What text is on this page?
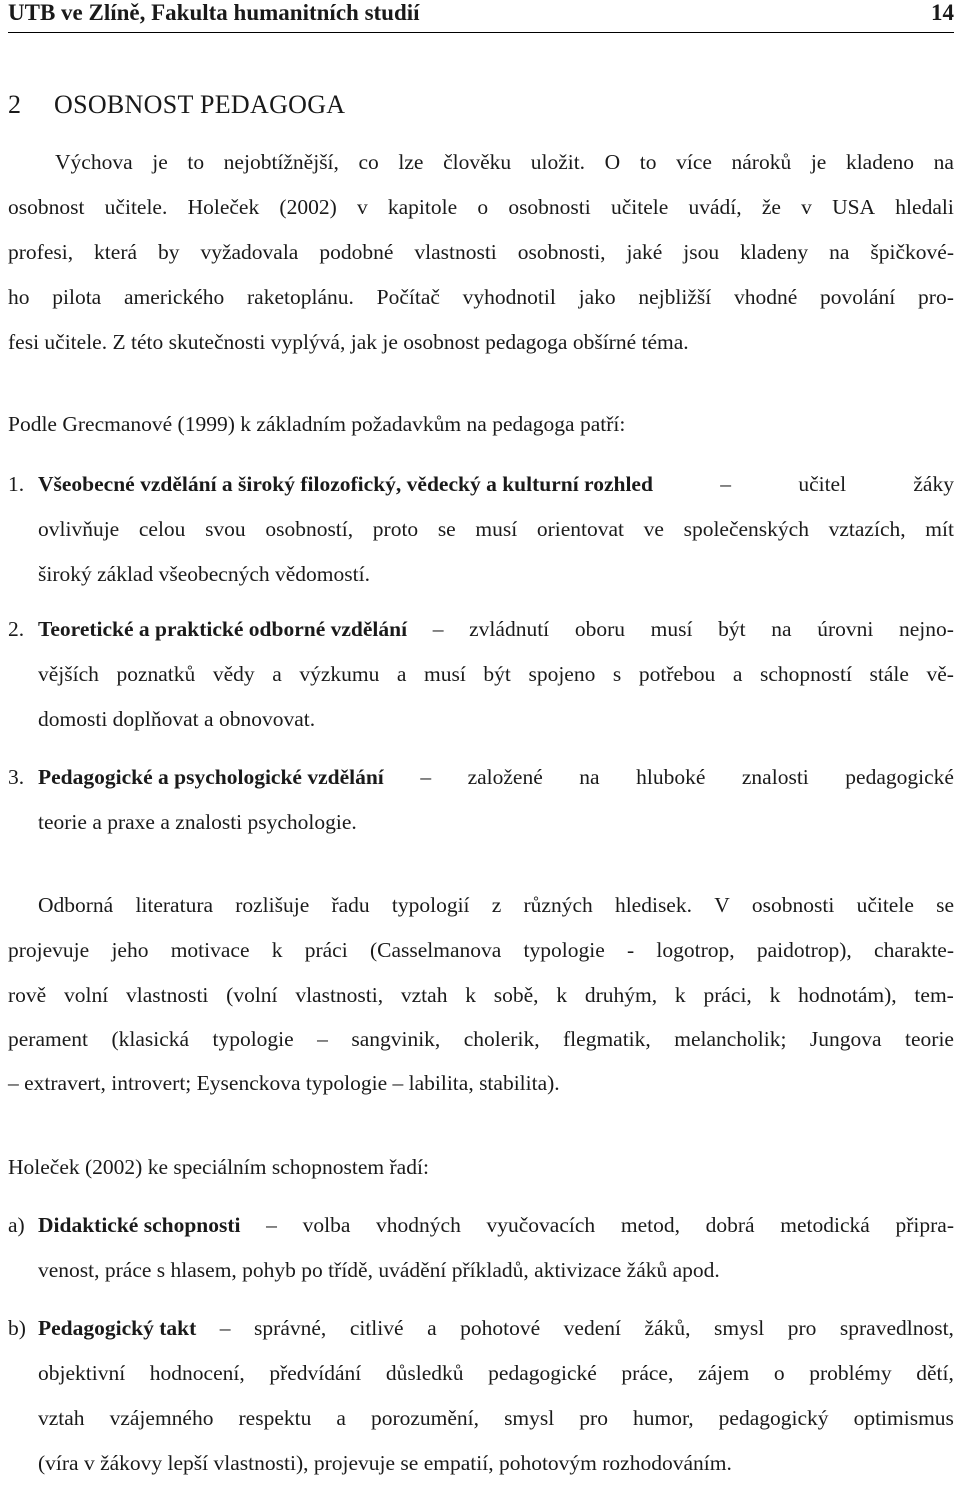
UTB ve Zlíně, Fakulta humanitních studií	14
2 OSOBNOST PEDAGOGA
Výchova je to nejobtížnější, co lze člověku uložit. O to více nároků je kladeno na
osobnost učitele. Holeček (2002) v kapitole o osobnosti učitele uvádí, že v USA hledali
profesi, která by vyžadovala podobné vlastnosti osobnosti, jaké jsou kladeny na špičkové-
ho pilota amerického raketoplánu. Počítač vyhodnotil jako nejbližší vhodné povolání pro-
fesi učitele. Z této skutečnosti vyplývá, jak je osobnost pedagoga obšírné téma.
Podle Grecmanové (1999) k základním požadavkům na pedagoga patří:
1. Všeobecné vzdělání a široký filozofický, vědecký a kulturní rozhled	–	učitel	žáky
ovlivňuje celou svou osobností, proto se musí orientovat ve společenských vztazích, mít
široký základ všeobecných vědomostí.
2. Teoretické a praktické odborné vzdělání – zvládnutí oboru musí být na úrovni nejno-
vějších poznatků vědy a výzkumu a musí být spojeno s potřebou a schopností stále vě-
domosti doplňovat a obnovovat.
3. Pedagogické a psychologické vzdělání – založené na hluboké znalosti pedagogické
teorie a praxe a znalosti psychologie.
Odborná literatura rozlišuje řadu typologií z různých hledisek. V osobnosti učitele se
projevuje jeho motivace k práci (Casselmanova typologie - logotrop, paidotrop), charakte-
rově volní vlastnosti (volní vlastnosti, vztah k sobě, k druhým, k práci, k hodnotám), tem-
perament (klasická typologie – sangvinik, cholerik, flegmatik, melancholik; Jungova teorie
– extravert, introvert; Eysenckova typologie – labilita, stabilita).
Holeček (2002) ke speciálním schopnostem řadí:
a) Didaktické schopnosti – volba vhodných vyučovacích metod, dobrá metodická připra-
venost, práce s hlasem, pohyb po třídě, uvádění příkladů, aktivizace žáků apod.
b) Pedagogický takt – správné, citlivé a pohotové vedení žáků, smysl pro spravedlnost,
objektivní hodnocení, předvídání důsledků pedagogické práce, zájem o problémy dětí,
vztah vzájemného respektu a porozumění, smysl pro humor, pedagogický optimismus
(víra v žákovy lepší vlastnosti), projevuje se empatií, pohotovým rozhodováním.
